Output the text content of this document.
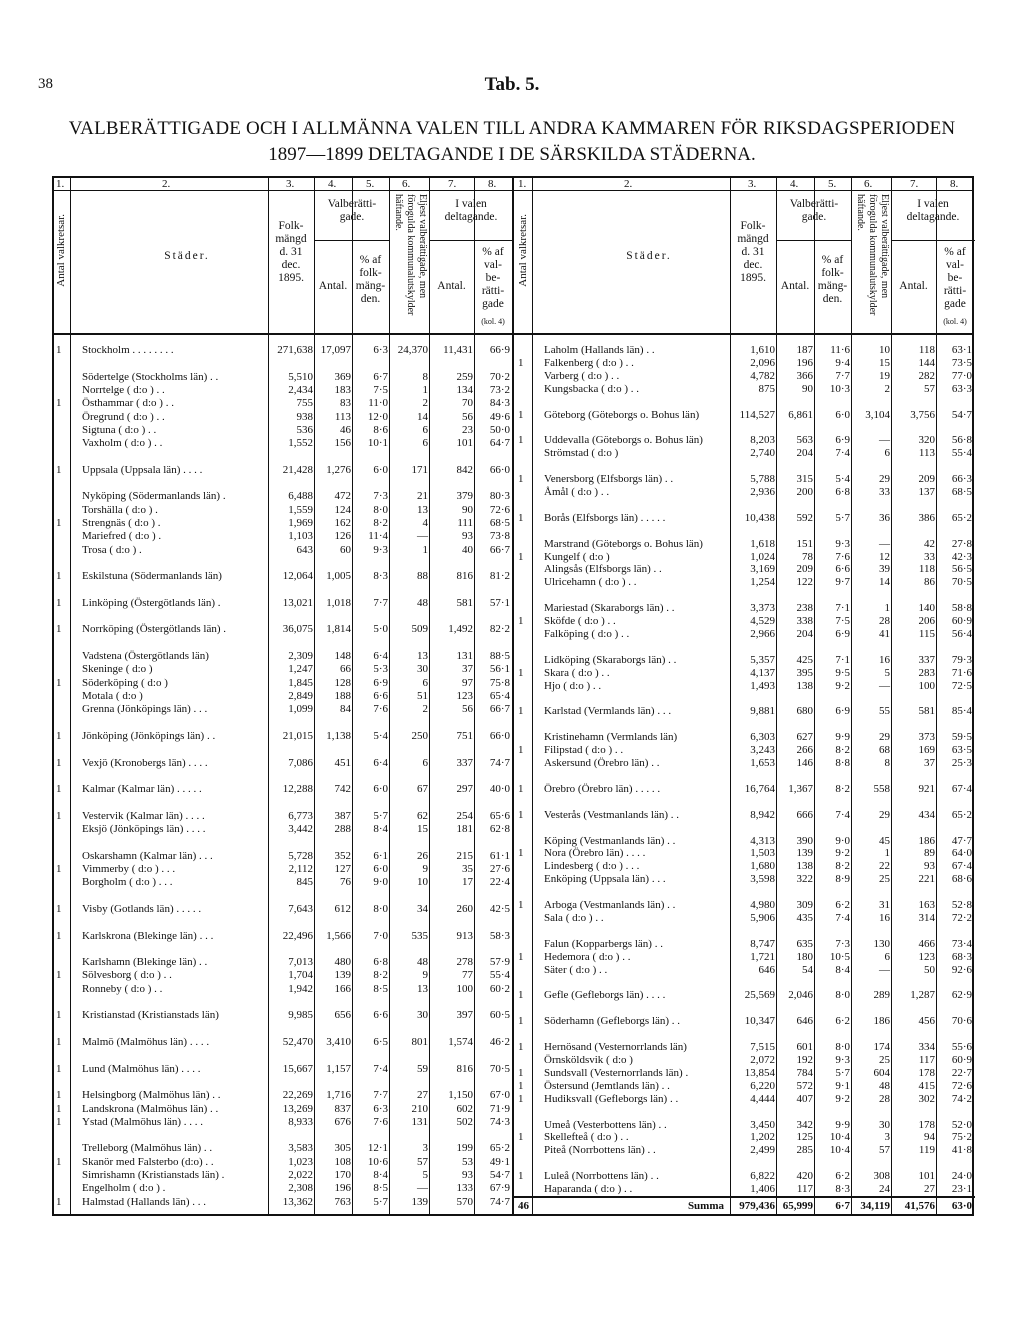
38	Tab. 5.
VALBERÄTTIGADE OCH I ALLMÄNNA VALEN TILL ANDRA KAMMAREN FÖR RIKSDAGSPERIODEN
1897—1899 DELTAGANDE I DE SÄRSKILDA STÄDERNA.
1.	2.	3.	4.	5.	6.	7.	8.
Antal valkretsar.	Städer.
Folk-
mängd
d. 31
dec.
1895.
Valberätti-gade.
Antal.
% af
folk-
mäng-
den.
Eljest valberättigade, men förogulda kommunalutskylder häftande.	I valen deltagande.
Antal.
% af
val-
be-
rätti-
gade
(kol. 4)
1	Stockholm . . . . . . . .	271,638 17,097	6·3 24,370	11,431	66·9
Södertelge (Stockholms län) . .	5,510	369	6·7	8	259	70·2
Norrtelge ( d:o ) . .	2,434	183	7·5	1	134	73·2
1	Östhammar ( d:o ) . .	755	83	11·0	2	70	84·3
Öregrund ( d:o ) . .	938	113	12·0	14	56	49·6
Sigtuna ( d:o ) . .	536	46	8·6	6	23	50·0
Vaxholm ( d:o ) . .	1,552	156	10·1	6	101	64·7
1	Uppsala (Uppsala län) . . . .	21,428	1,276	6·0	171	842	66·0
Nyköping (Södermanlands län) .	6,488	472	7·3	21	379	80·3
Torshälla ( d:o ) .	1,559	124	8·0	13	90	72·6
1	Strengnäs ( d:o ) .	1,969	162	8·2	4	111	68·5
Mariefred ( d:o ) .	1,103	126	11·4	—	93	73·8
Trosa ( d:o ) .	643	60	9·3	1	40	66·7
1	Eskilstuna (Södermanlands län)	12,064	1,005	8·3	88	816	81·2
1	Linköping (Östergötlands län) .	13,021	1,018	7·7	48	581	57·1
1	Norrköping (Östergötlands län) .	36,075	1,814	5·0	509	1,492	82·2
Vadstena (Östergötlands län)	2,309	148	6·4	13	131	88·5
Skeninge ( d:o )	1,247	66	5·3	30	37	56·1
1	Söderköping ( d:o )	1,845	128	6·9	6	97	75·8
Motala ( d:o )	2,849	188	6·6	51	123	65·4
Grenna (Jönköpings län) . . .	1,099	84	7·6	2	56	66·7
1	Jönköping (Jönköpings län) . .	21,015	1,138	5·4	250	751	66·0
1	Vexjö (Kronobergs län) . . . .	7,086	451	6·4	6	337	74·7
1	Kalmar (Kalmar län) . . . . .	12,288	742	6·0	67	297	40·0
1	Vestervik (Kalmar län) . . . .	6,773	387	5·7	62	254	65·6
Eksjö (Jönköpings län) . . . .	3,442	288	8·4	15	181	62·8
Oskarshamn (Kalmar län) . . .	5,728	352	6·1	26	215	61·1
1	Vimmerby ( d:o ) . . .	2,112	127	6·0	9	35	27·6
Borgholm ( d:o ) . . .	845	76	9·0	10	17	22·4
1	Visby (Gotlands län) . . . . .	7,643	612	8·0	34	260	42·5
1	Karlskrona (Blekinge län) . . .	22,496	1,566	7·0	535	913	58·3
Karlshamn (Blekinge län) . .	7,013	480	6·8	48	278	57·9
1	Sölvesborg ( d:o ) . .	1,704	139	8·2	9	77	55·4
Ronneby ( d:o ) . .	1,942	166	8·5	13	100	60·2
1	Kristianstad (Kristianstads län)	9,985	656	6·6	30	397	60·5
1	Malmö (Malmöhus län) . . . .	52,470	3,410	6·5	801	1,574	46·2
1	Lund (Malmöhus län) . . . .	15,667	1,157	7·4	59	816	70·5
1	Helsingborg (Malmöhus län) . .	22,269	1,716	7·7	27	1,150	67·0
1	Landskrona (Malmöhus län) . .	13,269	837	6·3	210	602	71·9
1	Ystad (Malmöhus län) . . . .	8,933	676	7·6	131	502	74·3
Trelleborg (Malmöhus län) . .	3,583	305	12·1	3	199	65·2
1	Skanör med Falsterbo (d:o) . .	1,023	108	10·6	57	53	49·1
Simrishamn (Kristianstads län) .	2,022	170	8·4	5	93	54·7
Engelholm ( d:o ) .	2,308	196	8·5	—	133	67·9
1	Halmstad (Hallands län) . . .	13,362	763	5·7	139	570	74·7
1.	2.	3.	4.	5.	6.	7.	8.
Antal valkretsar.	Städer.
Folk-
mängd
d. 31
dec.
1895.
Valberätti-gade.
Antal.
% af
folk-
mäng-
den.
Eljest valberättigade, men förogulda kommunalutskylder häftande.	I valen deltagande.
Antal.
% af
val-
be-
rätti-
gade
(kol. 4)
Laholm (Hallands län) . .	1,610	187	11·6	10	118	63·1
1	Falkenberg ( d:o ) . .	2,096	196	9·4	15	144	73·5
Varberg ( d:o ) . .	4,782	366	7·7	19	282	77·0
Kungsbacka ( d:o ) . .	875	90	10·3	2	57	63·3
1	Göteborg (Göteborgs o. Bohus län)	114,527	6,861	6·0	3,104	3,756	54·7
1	Uddevalla (Göteborgs o. Bohus län)	8,203	563	6·9	—	320	56·8
Strömstad ( d:o )	2,740	204	7·4	6	113	55·4
1	Venersborg (Elfsborgs län) . .	5,788	315	5·4	29	209	66·3
Åmål ( d:o ) . .	2,936	200	6·8	33	137	68·5
1	Borås (Elfsborgs län) . . . . .	10,438	592	5·7	36	386	65·2
Marstrand (Göteborgs o. Bohus län)	1,618	151	9·3	—	42	27·8
1	Kungelf ( d:o )	1,024	78	7·6	12	33	42·3
Alingsås (Elfsborgs län) . .	3,169	209	6·6	39	118	56·5
Ulricehamn ( d:o ) . .	1,254	122	9·7	14	86	70·5
Mariestad (Skaraborgs län) . .	3,373	238	7·1	1	140	58·8
1	Sköfde ( d:o ) . .	4,529	338	7·5	28	206	60·9
Falköping ( d:o ) . .	2,966	204	6·9	41	115	56·4
Lidköping (Skaraborgs län) . .	5,357	425	7·1	16	337	79·3
1	Skara ( d:o ) . .	4,137	395	9·5	5	283	71·6
Hjo ( d:o ) . .	1,493	138	9·2	—	100	72·5
1	Karlstad (Vermlands län) . . .	9,881	680	6·9	55	581	85·4
Kristinehamn (Vermlands län)	6,303	627	9·9	29	373	59·5
1	Filipstad ( d:o ) . .	3,243	266	8·2	68	169	63·5
Askersund (Örebro län) . .	1,653	146	8·8	8	37	25·3
1	Örebro (Örebro län) . . . . .	16,764	1,367	8·2	558	921	67·4
1	Vesterås (Vestmanlands län) . .	8,942	666	7·4	29	434	65·2
Köping (Vestmanlands län) . .	4,313	390	9·0	45	186	47·7
1	Nora (Örebro län) . . . .	1,503	139	9·2	1	89	64·0
Lindesberg ( d:o ) . . .	1,680	138	8·2	22	93	67·4
Enköping (Uppsala län) . . .	3,598	322	8·9	25	221	68·6
1	Arboga (Vestmanlands län) . .	4,980	309	6·2	31	163	52·8
Sala ( d:o ) . .	5,906	435	7·4	16	314	72·2
Falun (Kopparbergs län) . .	8,747	635	7·3	130	466	73·4
1	Hedemora ( d:o ) . .	1,721	180	10·5	6	123	68·3
Säter ( d:o ) . .	646	54	8·4	—	50	92·6
1	Gefle (Gefleborgs län) . . . .	25,569	2,046	8·0	289	1,287	62·9
1	Söderhamn (Gefleborgs län) . .	10,347	646	6·2	186	456	70·6
1	Hernösand (Vesternorrlands län)	7,515	601	8·0	174	334	55·6
Örnsköldsvik ( d:o )	2,072	192	9·3	25	117	60·9
1	Sundsvall (Vesternorrlands län) .	13,854	784	5·7	604	178	22·7
1	Östersund (Jemtlands län) . .	6,220	572	9·1	48	415	72·6
1	Hudiksvall (Gefleborgs län) . .	4,444	407	9·2	28	302	74·2
Umeå (Vesterbottens län) . .	3,450	342	9·9	30	178	52·0
1	Skellefteå ( d:o ) . .	1,202	125	10·4	3	94	75·2
Piteå (Norrbottens län) . .	2,499	285	10·4	57	119	41·8
1	Luleå (Norrbottens län) . .	6,822	420	6·2	308	101	24·0
Haparanda ( d:o ) . .	1,406	117	8·3	24	27	23·1
46	Summa	979,436 65,999	6·7 34,119	41,576	63·0
